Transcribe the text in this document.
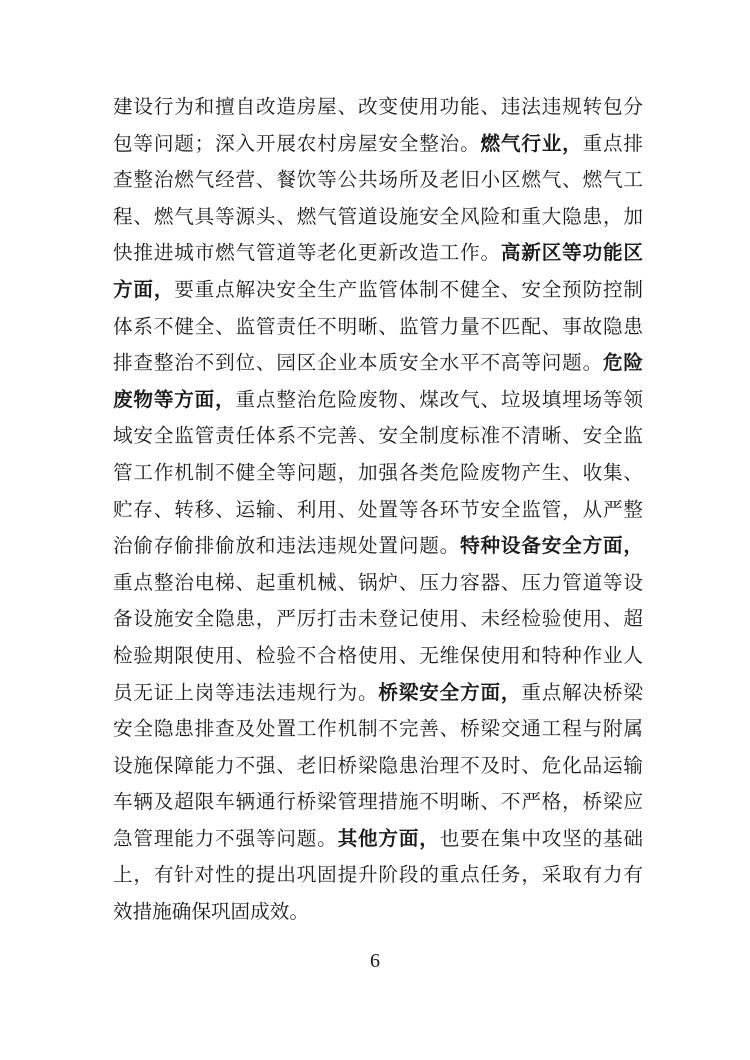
建设行为和擅自改造房屋、改变使用功能、违法违规转包分
包等问题；深入开展农村房屋安全整治。燃气行业，重点排
查整治燃气经营、餐饮等公共场所及老旧小区燃气、燃气工
程、燃气具等源头、燃气管道设施安全风险和重大隐患，加
快推进城市燃气管道等老化更新改造工作。高新区等功能区
方面，要重点解决安全生产监管体制不健全、安全预防控制
体系不健全、监管责任不明晰、监管力量不匹配、事故隐患
排查整治不到位、园区企业本质安全水平不高等问题。危险
废物等方面，重点整治危险废物、煤改气、垃圾填埋场等领
域安全监管责任体系不完善、安全制度标准不清晰、安全监
管工作机制不健全等问题，加强各类危险废物产生、收集、
贮存、转移、运输、利用、处置等各环节安全监管，从严整
治偷存偷排偷放和违法违规处置问题。特种设备安全方面，
重点整治电梯、起重机械、锅炉、压力容器、压力管道等设
备设施安全隐患，严厉打击未登记使用、未经检验使用、超
检验期限使用、检验不合格使用、无维保使用和特种作业人
员无证上岗等违法违规行为。桥梁安全方面，重点解决桥梁
安全隐患排查及处置工作机制不完善、桥梁交通工程与附属
设施保障能力不强、老旧桥梁隐患治理不及时、危化品运输
车辆及超限车辆通行桥梁管理措施不明晰、不严格，桥梁应
急管理能力不强等问题。其他方面，也要在集中攻坚的基础
上，有针对性的提出巩固提升阶段的重点任务，采取有力有
效措施确保巩固成效。
6
